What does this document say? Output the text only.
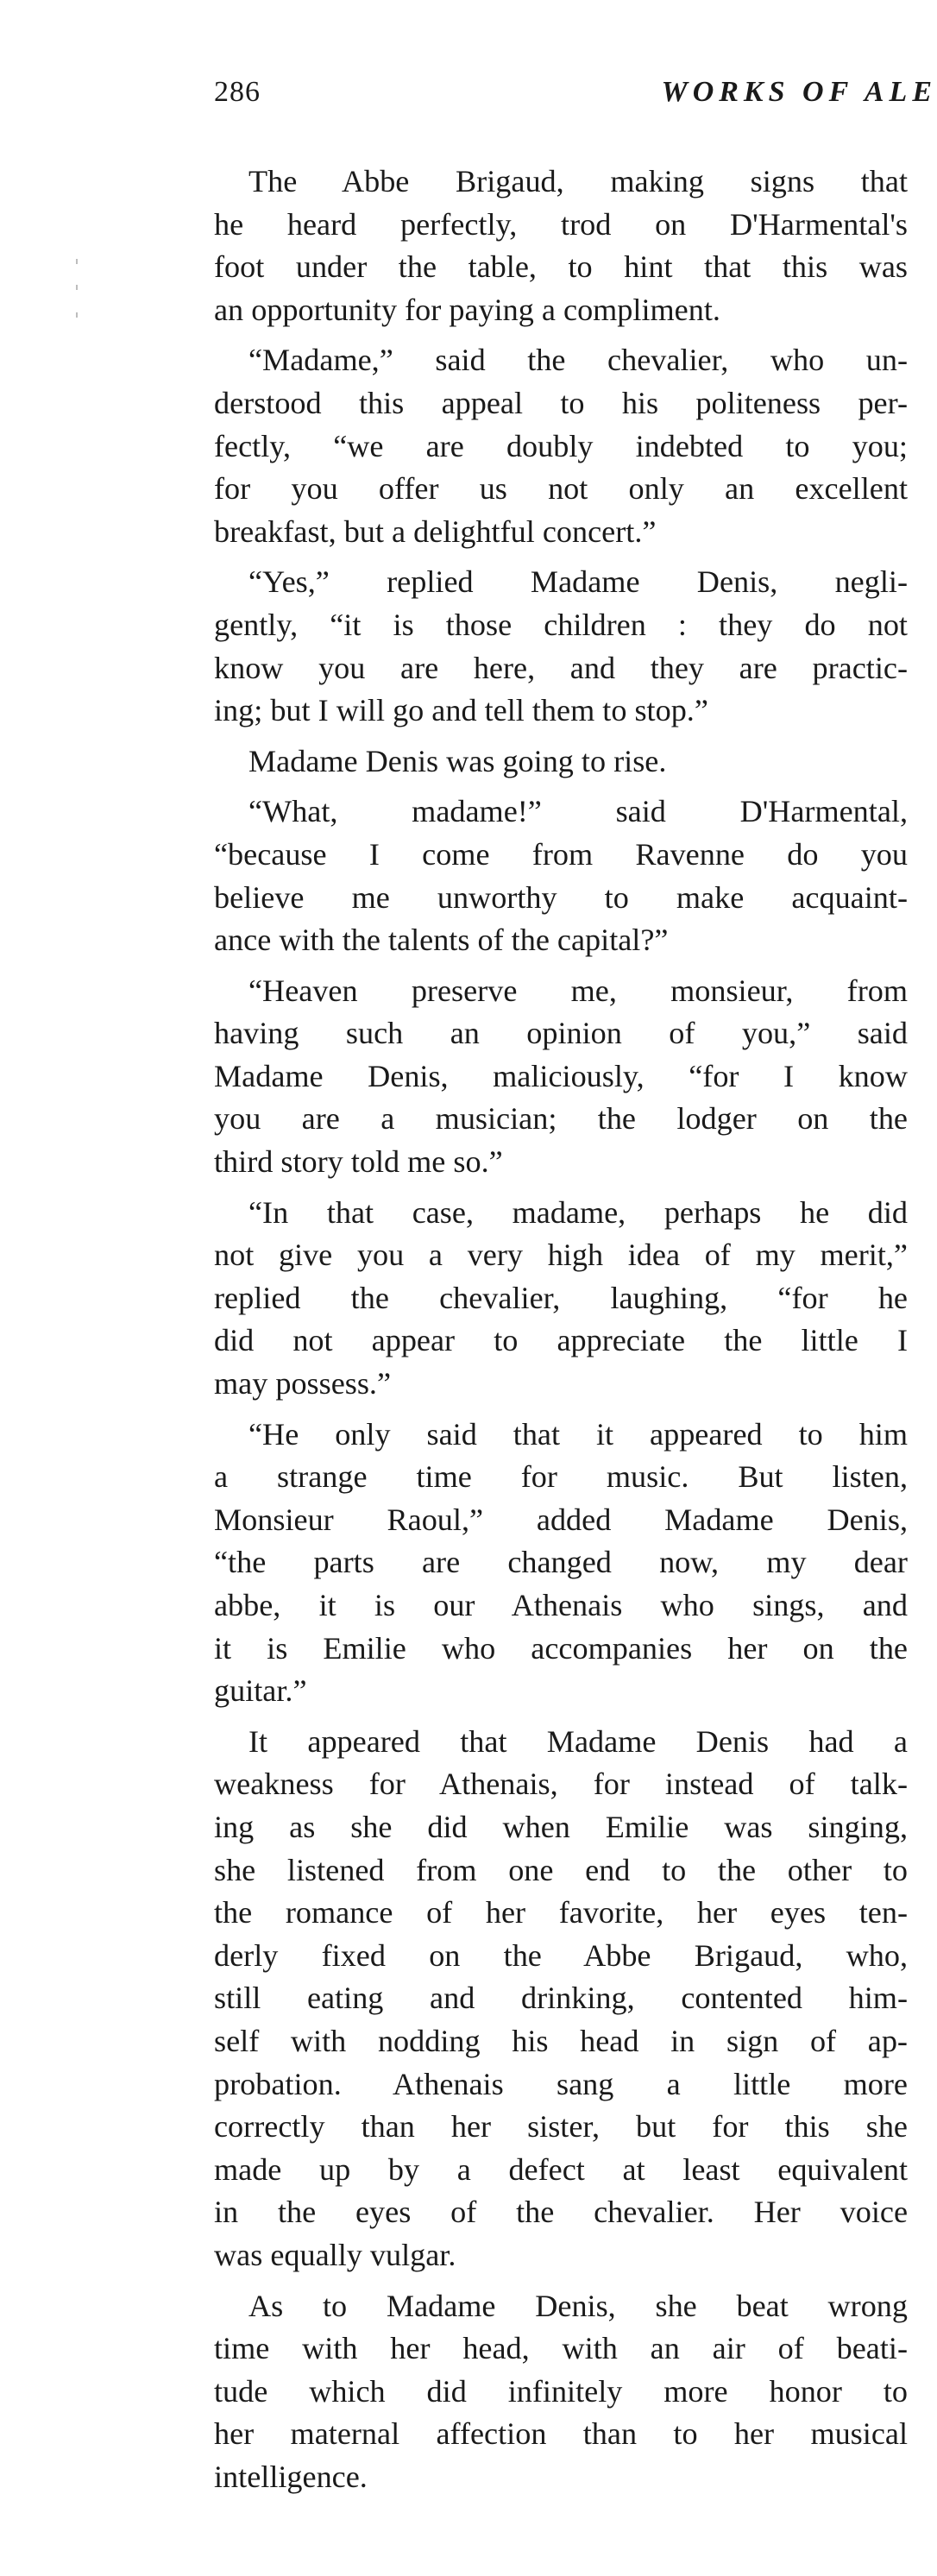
286	WORKS OF ALE

The Abbe Brigaud, making signs that
he heard perfectly, trod on D'Harmental's
foot under the table, to hint that this was
an opportunity for paying a compliment.

“Madame,” said the chevalier, who un-
derstood this appeal to his politeness per-
fectly, “we are doubly indebted to you;
for you offer us not only an excellent
breakfast, but a delightful concert.”

“Yes,” replied Madame Denis, negli-
gently, “it is those children : they do not
know you are here, and they are practic-
ing; but I will go and tell them to stop.”

Madame Denis was going to rise.

“What, madame!” said D'Harmental,
“because I come from Ravenne do you
believe me unworthy to make acquaint-
ance with the talents of the capital?”

“Heaven preserve me, monsieur, from
having such an opinion of you,” said
Madame Denis, maliciously, “for I know
you are a musician; the lodger on the
third story told me so.”

“In that case, madame, perhaps he did
not give you a very high idea of my merit,”
replied the chevalier, laughing, “for he
did not appear to appreciate the little I
may possess.”

“He only said that it appeared to him
a strange time for music. But listen,
Monsieur Raoul,” added Madame Denis,
“the parts are changed now, my dear
abbe, it is our Athenais who sings, and
it is Emilie who accompanies her on the
guitar.”

It appeared that Madame Denis had a
weakness for Athenais, for instead of talk-
ing as she did when Emilie was singing,
she listened from one end to the other to
the romance of her favorite, her eyes ten-
derly fixed on the Abbe Brigaud, who,
still eating and drinking, contented him-
self with nodding his head in sign of ap-
probation. Athenais sang a little more
correctly than her sister, but for this she
made up by a defect at least equivalent
in the eyes of the chevalier. Her voice
was equally vulgar.

As to Madame Denis, she beat wrong
time with her head, with an air of beati-
tude which did infinitely more honor to
her maternal affection than to her musical
intelligence.
